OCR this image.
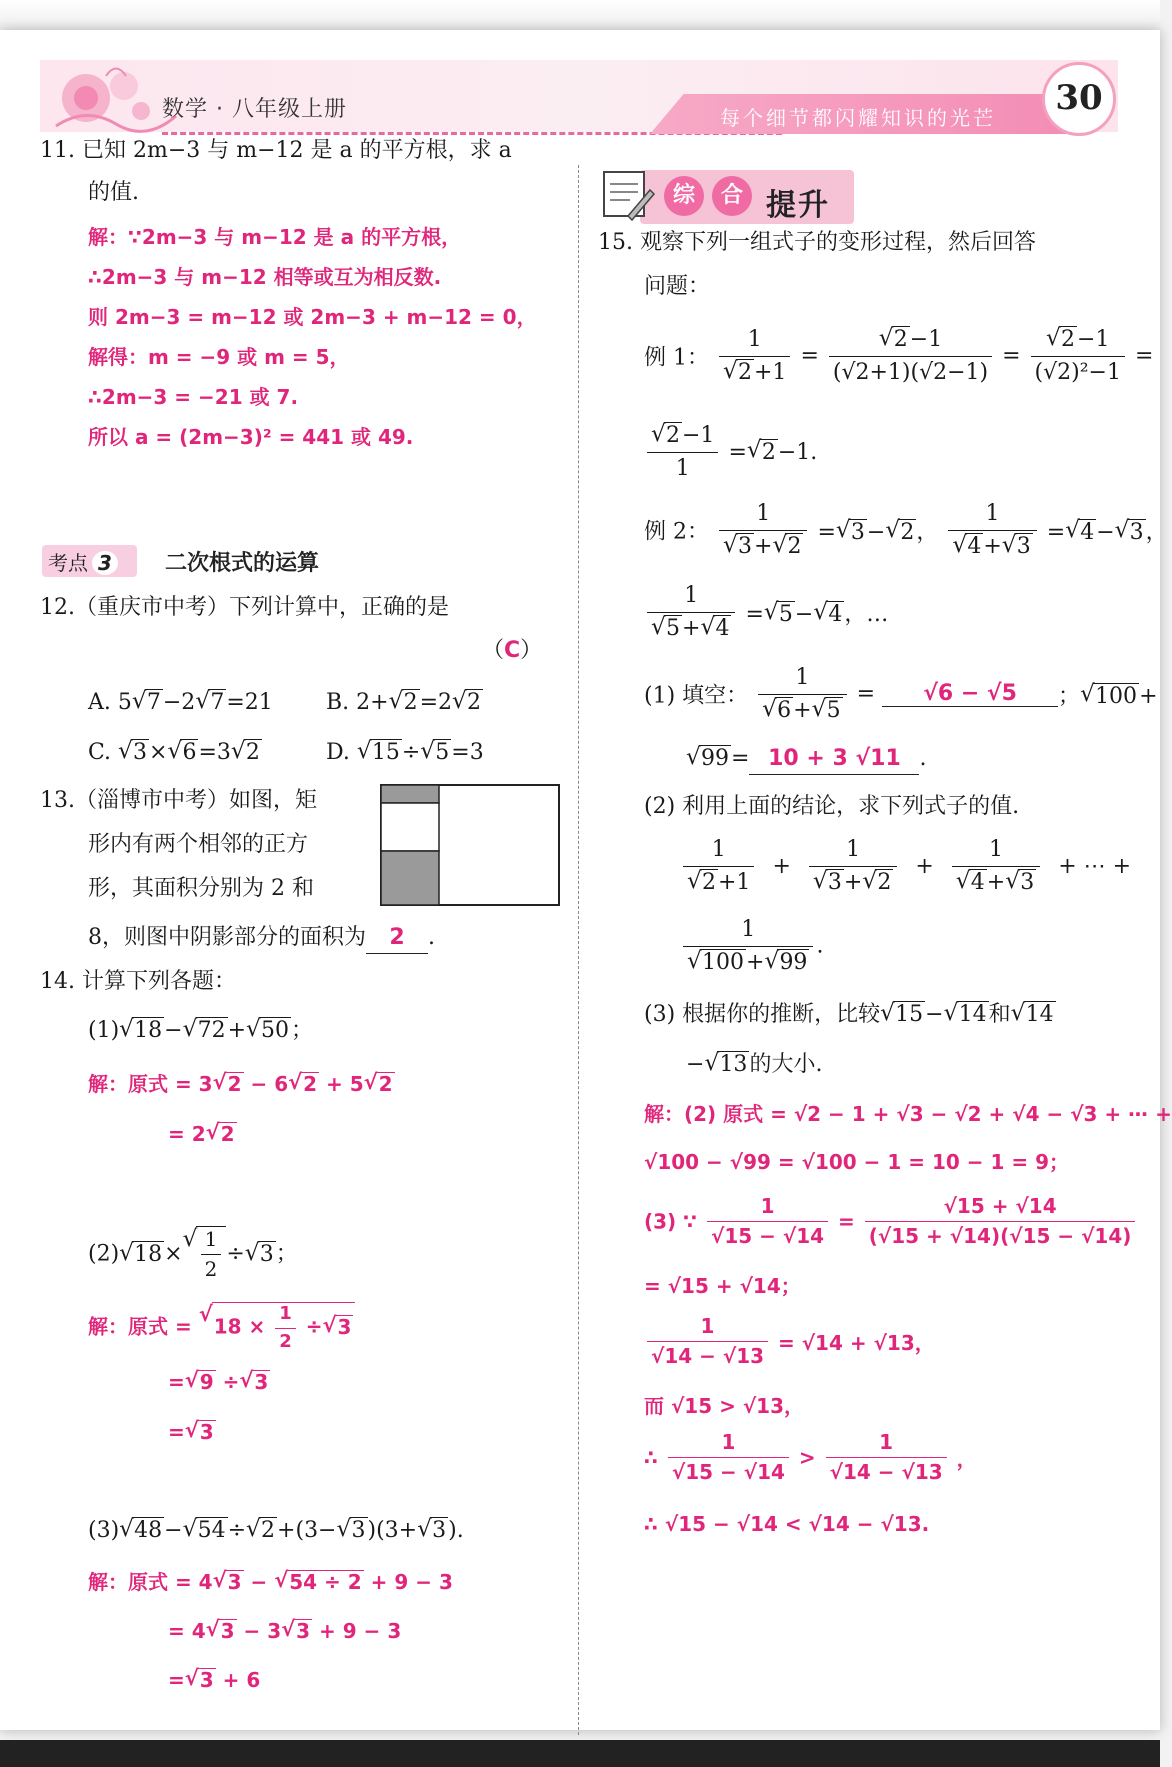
数学 · 八年级上册	每个细节都闪耀知识的光芒	30
11. 已知 2m−3 与 m−12 是 a 的平方根，求 a
的值.
解：∵2m−3 与 m−12 是 a 的平方根，
∴2m−3 与 m−12 相等或互为相反数.
则 2m−3 = m−12 或 2m−3 + m−12 = 0，
解得：m = −9 或 m = 5，
∴2m−3 = −21 或 7.
所以 a = (2m−3)² = 441 或 49.
考点 3 二次根式的运算
12.（重庆市中考）下列计算中，正确的是
（C）
A. 5 √ 7−2 √ 7=21 B. 2+ √ 2=2 √ 2
C. √ 3× √ 6=3 √ 2	D. √ 15÷ √ 5=3
13.（淄博市中考）如图，矩
形内有两个相邻的正方
形，其面积分别为 2 和
8，则图中阴影部分的面积为 2 .
14. 计算下列各题：
(1) √ 18− √ 72+ √ 50；
解：原式 = 3 √ 2 − 6 √ 2 + 5 √ 2
= 2 √ 2
(2) √ 18× √ $\frac{1}{2}$ ÷ √ 3；
解：原式 = √ $18 \times \frac{1}{2}$ ÷ √ 3
= √ 9 ÷ √ 3
= √ 3
(3) √ 48− √ 54÷ √ 2+(3− √ 3)(3+ √ 3).
解：原式 = 4 √ 3 − √ 54 ÷ 2 + 9 − 3
= 4 √ 3 − 3 √ 3 + 9 − 3
= √ 3 + 6
综	合 提升
15. 观察下列一组式子的变形过程，然后回答
问题：
例 1： 1
√ 2+1 = √ $\frac{2-1}{(√2+1)(√2-1)}$ = √ $\frac{2-1}{\text{(√2)²−1}}$ =
√ $\frac{2-1}{1}$ = √ 2−1.
例 2： 1
√ 3+ √ 2 = √ 3− √ 2， 1
√ 4+ √ 3 = √ 4− √ 3，
1
√ 5+ √ 4 = √ 5− √ 4，…
(1) 填空： 1
√ 6+ √ 5 = √6 − √5 ； √ 100+
√ 99= 10 + 3 √11 .
(2) 利用上面的结论，求下列式子的值.
1
√ 2+1 + 1
√ 3+ √ 2 + 1
√ 4+ √ 3 + ⋯ +
1
√ 100+ √ 99 .
(3) 根据你的推断，比较 √ 15− √ 14和 √ 14
− √ 13的大小.
解：(2) 原式 = √2 − 1 + √3 − √2 + √4 − √3 + ⋯ +
√100 − √99 = √100 − 1 = 10 − 1 = 9；
(3) ∵ $\frac{1}{√15 - √14} = \frac{√15 + √14}{(√15 + √14)(√15 - √14)}$
= √15 + √14；
$\frac{1}{√14 - √13} = √14 + √13$，
而 √15 > √13，
∴ $\frac{1}{√15 - √14} > \frac{1}{√14 - √13}$ ，
∴ √15 − √14 < √14 − √13.
